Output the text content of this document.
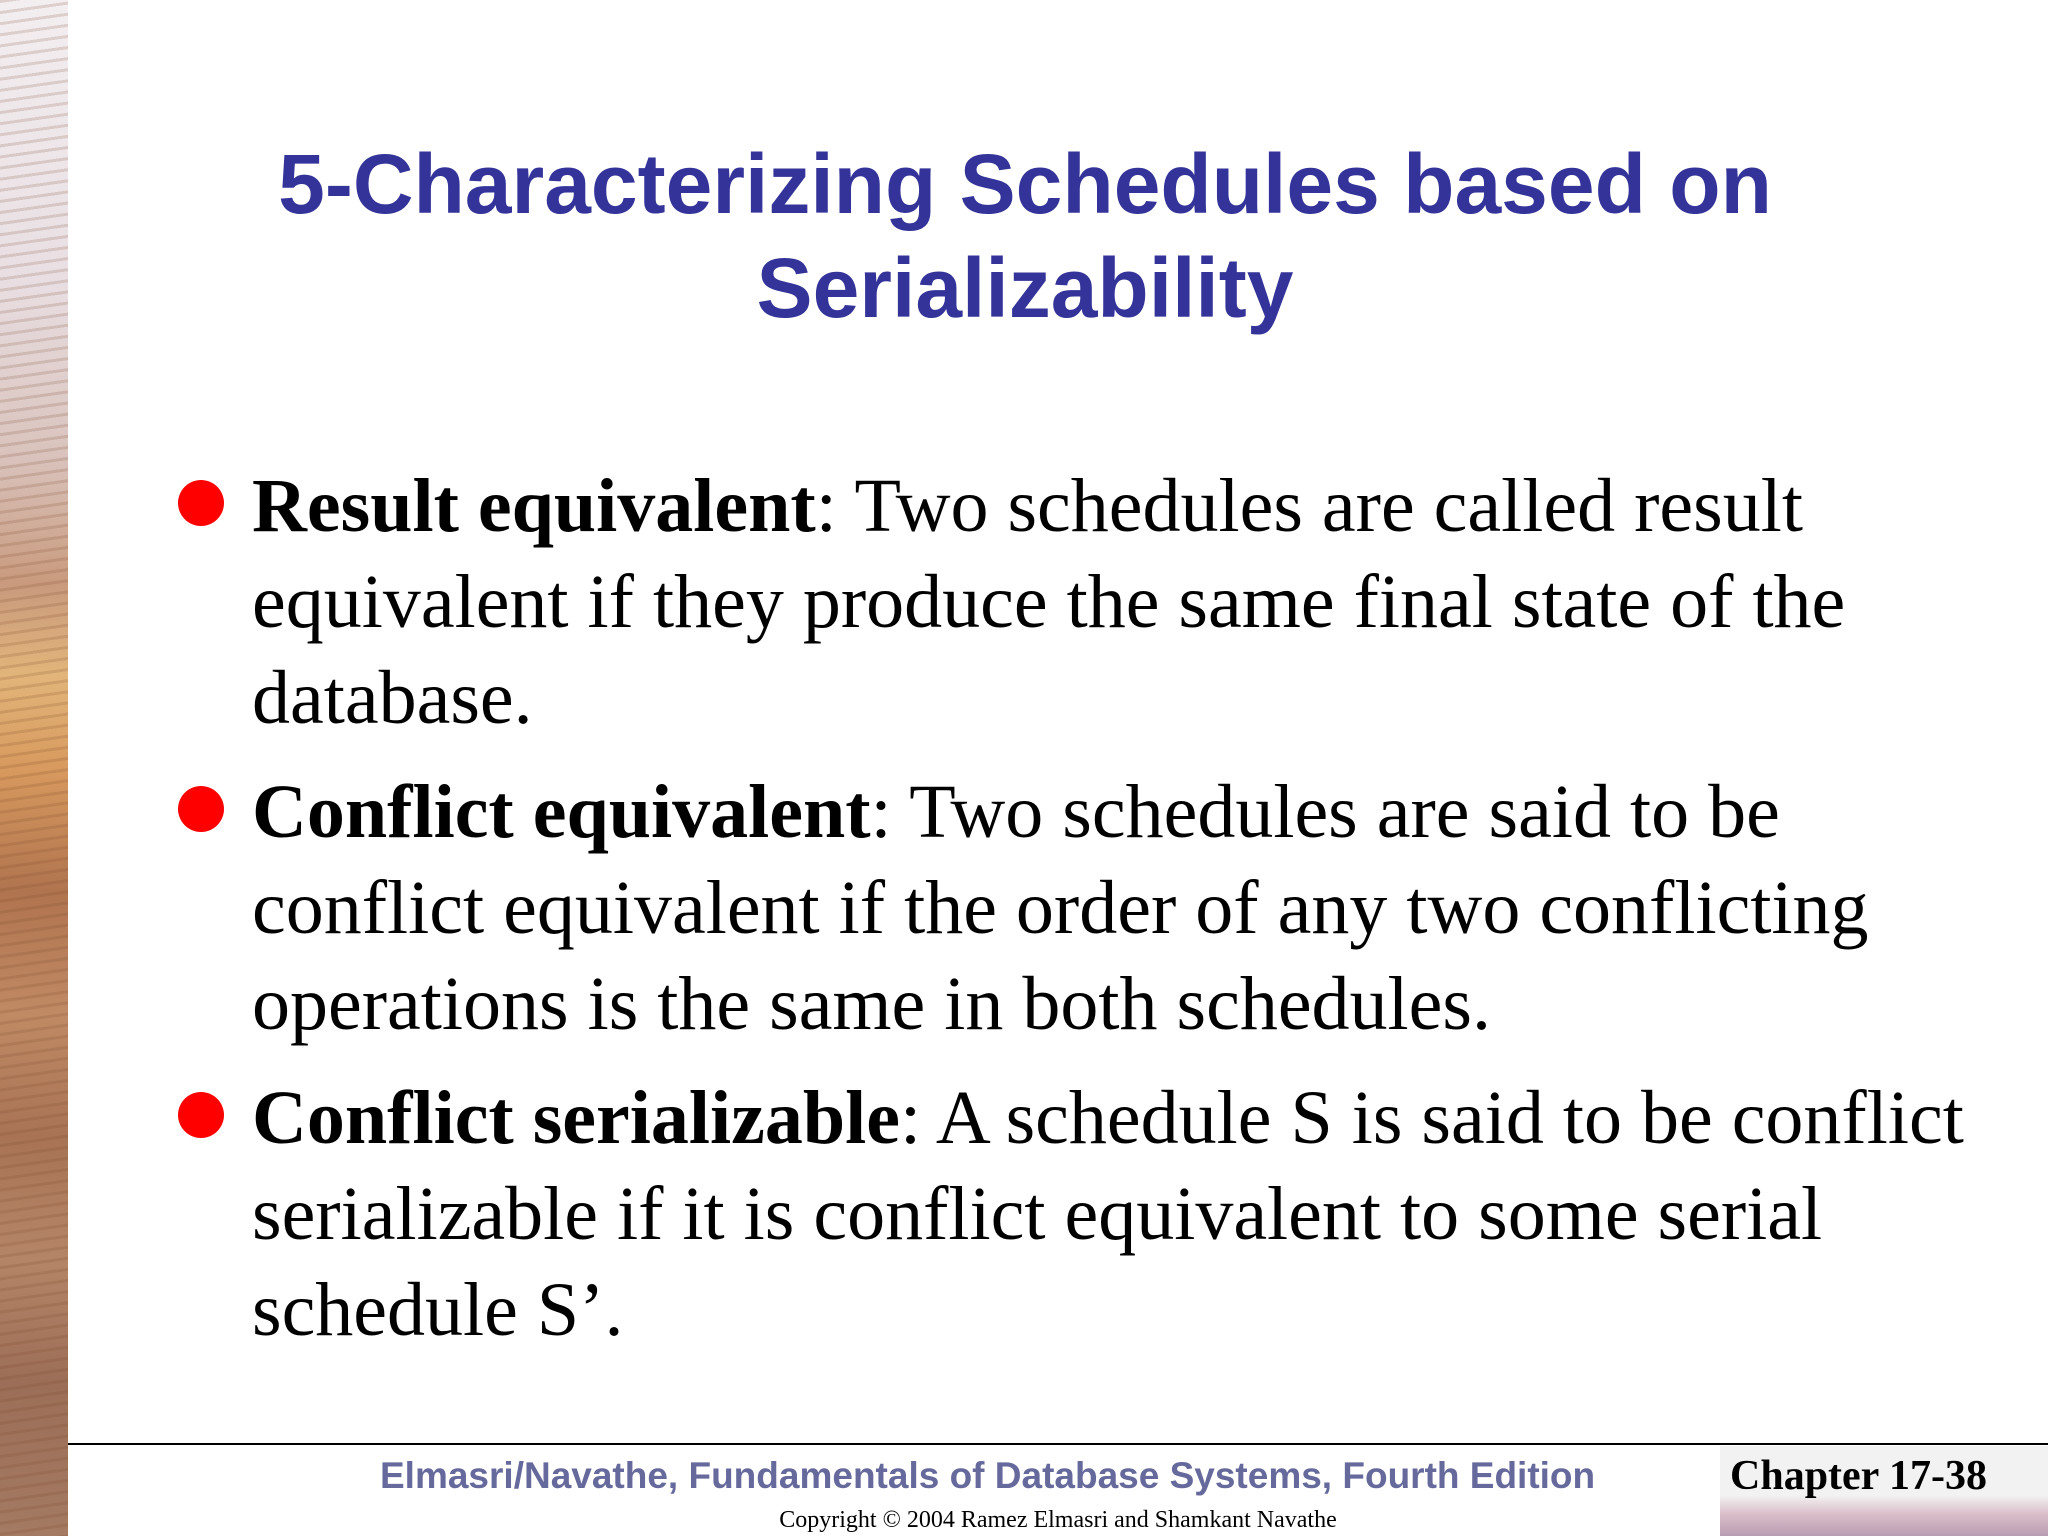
5-Characterizing Schedules based on
Serializability
Result equivalent: Two schedules are called result equivalent if they produce the same final state of the database.
Conflict equivalent: Two schedules are said to be conflict equivalent if the order of any two conflicting operations is the same in both schedules.
Conflict serializable: A schedule S is said to be conflict serializable if it is conflict equivalent to some serial schedule S’.
Elmasri/Navathe, Fundamentals of Database Systems, Fourth Edition	Chapter 17-38
Copyright © 2004 Ramez Elmasri and Shamkant Navathe
